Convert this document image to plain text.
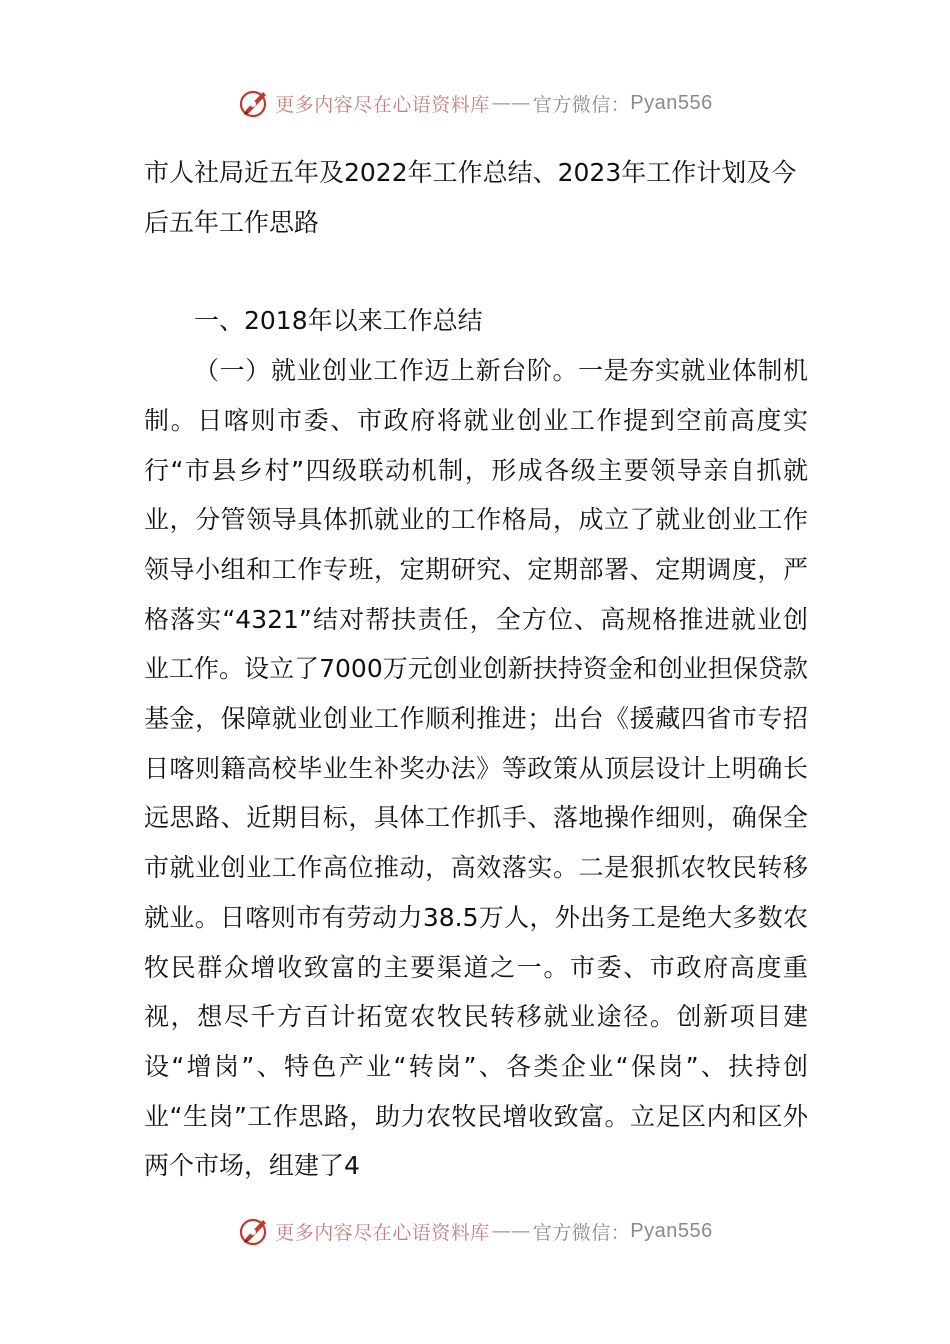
更多内容尽在心语资料库 —— 官方微信： Pyan556

市人社局近五年及2022年工作总结、2023年工作计划及今后五年工作思路

一、2018年以来工作总结

（一）就业创业工作迈上新台阶。一是夯实就业体制机制。日喀则市委、市政府将就业创业工作提到空前高度实行“市县乡村”四级联动机制，形成各级主要领导亲自抓就业，分管领导具体抓就业的工作格局，成立了就业创业工作领导小组和工作专班，定期研究、定期部署、定期调度，严格落实“4321”结对帮扶责任，全方位、高规格推进就业创业工作。设立了7000万元创业创新扶持资金和创业担保贷款基金，保障就业创业工作顺利推进；出台《援藏四省市专招日喀则籍高校毕业生补奖办法》等政策从顶层设计上明确长远思路、近期目标，具体工作抓手、落地操作细则，确保全市就业创业工作高位推动，高效落实。二是狠抓农牧民转移就业。日喀则市有劳动力38.5万人，外出务工是绝大多数农牧民群众增收致富的主要渠道之一。市委、市政府高度重视，想尽千方百计拓宽农牧民转移就业途径。创新项目建设“增岗”、特色产业“转岗”、各类企业“保岗”、扶持创业“生岗”工作思路，助力农牧民增收致富。立足区内和区外两个市场，组建了4

更多内容尽在心语资料库 —— 官方微信： Pyan556
